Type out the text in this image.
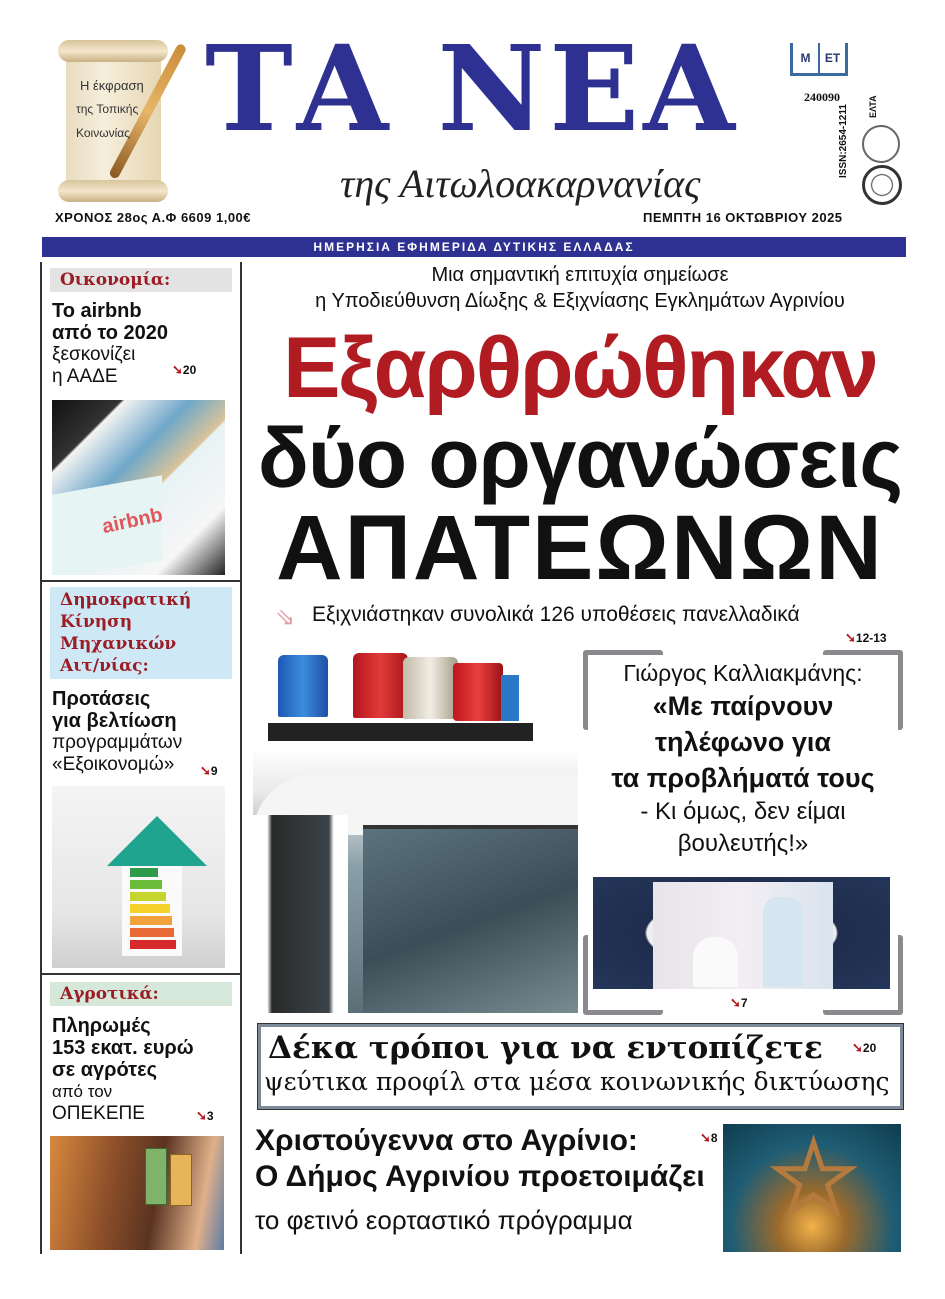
Η έκφραση
της Τοπικής
Κοινωνίας ΤΑ ΝΕΑ
της Αιτωλοακαρνανίας
M	ET
240090
ISSN:2654-1211 ΕΛΤΑ
ΧΡΟΝΟΣ 28ος Α.Φ 6609 1,00€	ΠΕΜΠΤΗ 16 ΟΚΤΩΒΡΙΟΥ 2025
ΗΜΕΡΗΣΙΑ ΕΦΗΜΕΡΙΔΑ ΔΥΤΙΚΗΣ ΕΛΛΑΔΑΣ
Οικονομία:
Το airbnb
από το 2020
ξεσκονίζει
η ΑΑΔΕ	➘20
airbnb
Δημοκρατική
Κίνηση
Μηχανικών
Αιτ/νίας:
Προτάσεις
για βελτίωση
προγραμμάτων
«Εξοικονομώ»	➘9
Αγροτικά:
Πληρωμές
153 εκατ. ευρώ
σε αγρότες
από τον
ΟΠΕΚΕΠΕ	➘3
Μια σημαντική επιτυχία σημείωσε
η Υποδιεύθυνση Δίωξης & Εξιχνίασης Εγκλημάτων Αγρινίου
Εξαρθρώθηκαν
δύο οργανώσεις
ΑΠΑΤΕΩΝΩΝ
⇘ Εξιχνιάστηκαν συνολικά 126 υποθέσεις πανελλαδικά
➘12-13
Γιώργος Καλλιακμάνης:
«Με παίρνουν
τηλέφωνο για
τα προβλήματά τους
- Κι όμως, δεν είμαι
βουλευτής!»
➘7
Δέκα τρόποι για να εντοπίζετε
ψεύτικα προφίλ στα μέσα κοινωνικής δικτύωσης
➘20
★
Χριστούγεννα στο Αγρίνιο:	➘8
Ο Δήμος Αγρινίου προετοιμάζει
το φετινό εορταστικό πρόγραμμα
